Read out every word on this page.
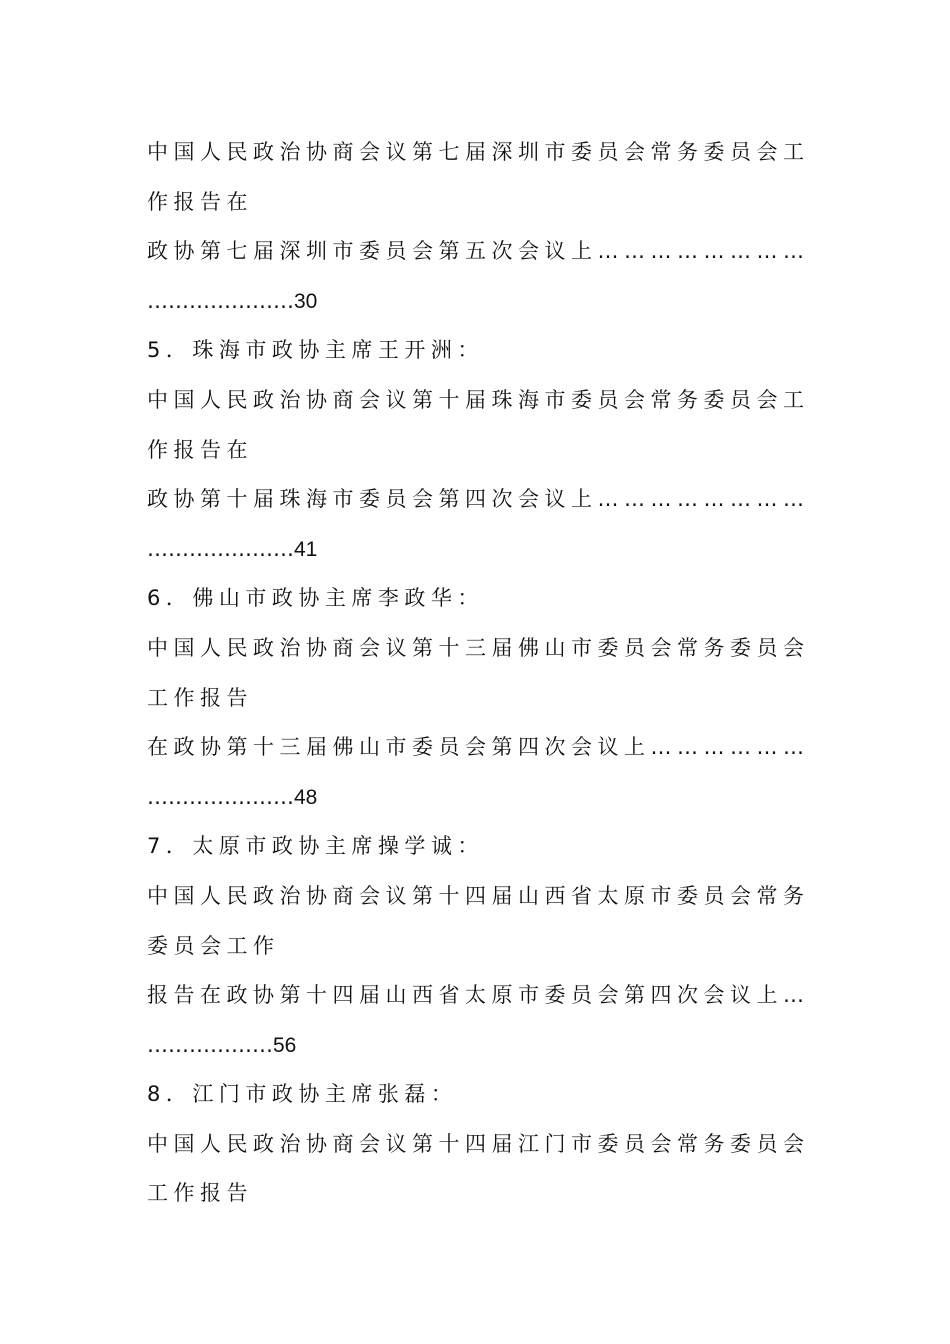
中国人民政治协商会议第七届深圳市委员会常务委员会工
作报告在
政协第七届深圳市委员会第五次会议上……………………
…………………30
5．珠海市政协主席王开洲：
中国人民政治协商会议第十届珠海市委员会常务委员会工
作报告在
政协第十届珠海市委员会第四次会议上……………………
…………………41
6．佛山市政协主席李政华：
中国人民政治协商会议第十三届佛山市委员会常务委员会
工作报告
在政协第十三届佛山市委员会第四次会议上………………
…………………48
7．太原市政协主席操学诚：
中国人民政治协商会议第十四届山西省太原市委员会常务
委员会工作
报告在政协第十四届山西省太原市委员会第四次会议上…
………………56
8．江门市政协主席张磊：
中国人民政治协商会议第十四届江门市委员会常务委员会
工作报告
